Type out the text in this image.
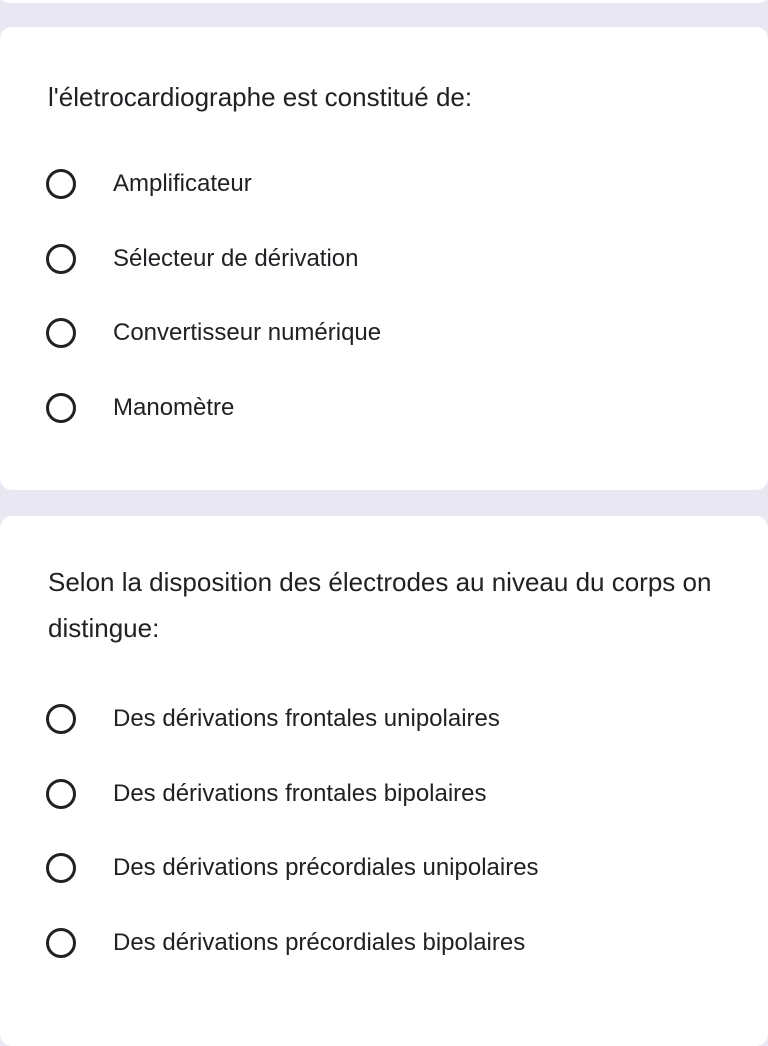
l'életrocardiographe est constitué de:

Amplificateur
Sélecteur de dérivation
Convertisseur numérique
Manomètre

Selon la disposition des électrodes au niveau du corps on distingue:

Des dérivations frontales unipolaires
Des dérivations frontales bipolaires
Des dérivations précordiales unipolaires
Des dérivations précordiales bipolaires
